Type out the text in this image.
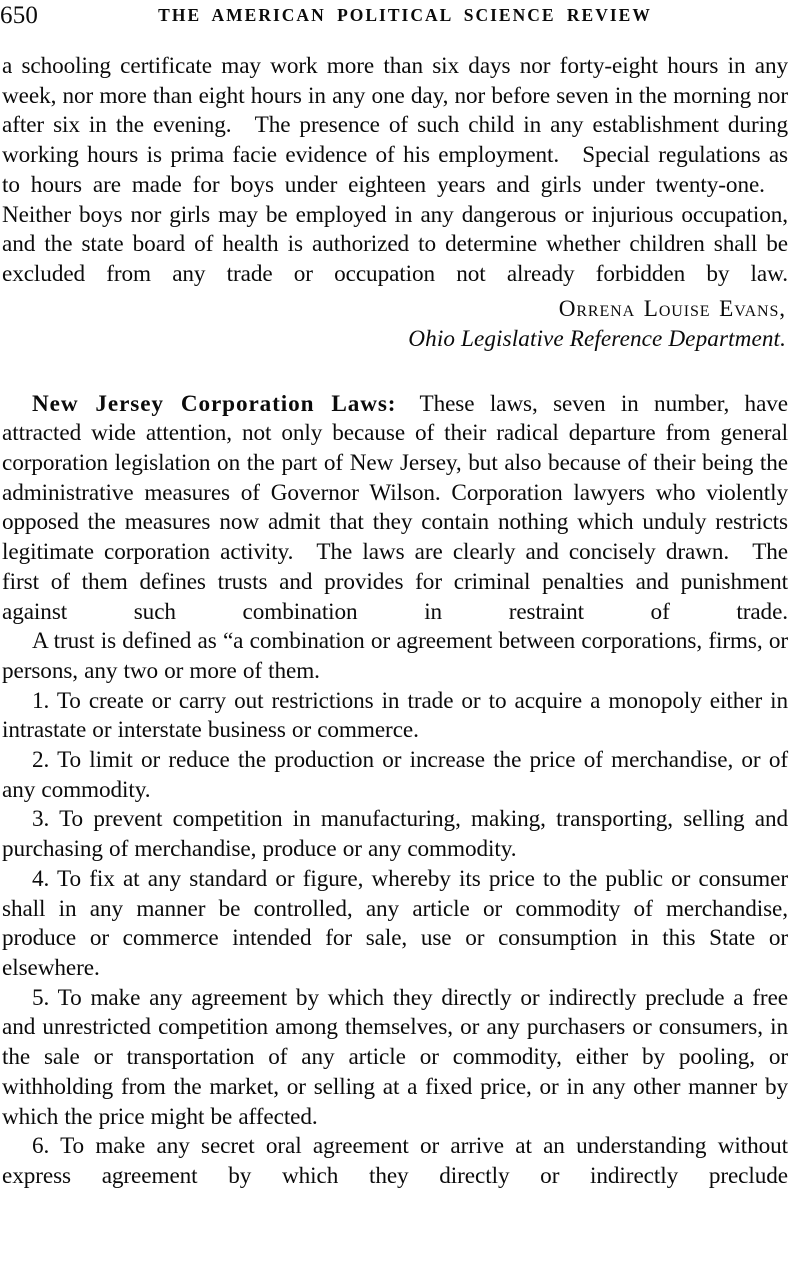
650	THE AMERICAN POLITICAL SCIENCE REVIEW

a schooling certificate may work more than six days nor forty-eight hours in any week, nor more than eight hours in any one day, nor before seven in the morning nor after six in the evening. The presence of such child in any establishment during working hours is prima facie evidence of his employment. Special regulations as to hours are made for boys under eighteen years and girls under twenty-one. Neither boys nor girls may be employed in any dangerous or injurious occupation, and the state board of health is authorized to determine whether children shall be excluded from any trade or occupation not already forbidden by law.

Orrena Louise Evans,
Ohio Legislative Reference Department.

New Jersey Corporation Laws:  These laws, seven in number, have attracted wide attention, not only because of their radical departure from general corporation legislation on the part of New Jersey, but also because of their being the administrative measures of Governor Wilson. Corporation lawyers who violently opposed the measures now admit that they contain nothing which unduly restricts legitimate corporation activity. The laws are clearly and concisely drawn. The first of them defines trusts and provides for criminal penalties and punishment against such combination in restraint of trade.

A trust is defined as “a combination or agreement between corporations, firms, or persons, any two or more of them.

1. To create or carry out restrictions in trade or to acquire a monopoly either in intrastate or interstate business or commerce.

2. To limit or reduce the production or increase the price of merchandise, or of any commodity.

3. To prevent competition in manufacturing, making, transporting, selling and purchasing of merchandise, produce or any commodity.

4. To fix at any standard or figure, whereby its price to the public or consumer shall in any manner be controlled, any article or commodity of merchandise, produce or commerce intended for sale, use or consumption in this State or elsewhere.

5. To make any agreement by which they directly or indirectly preclude a free and unrestricted competition among themselves, or any purchasers or consumers, in the sale or transportation of any article or commodity, either by pooling, or withholding from the market, or selling at a fixed price, or in any other manner by which the price might be affected.

6. To make any secret oral agreement or arrive at an understanding without express agreement by which they directly or indirectly preclude
